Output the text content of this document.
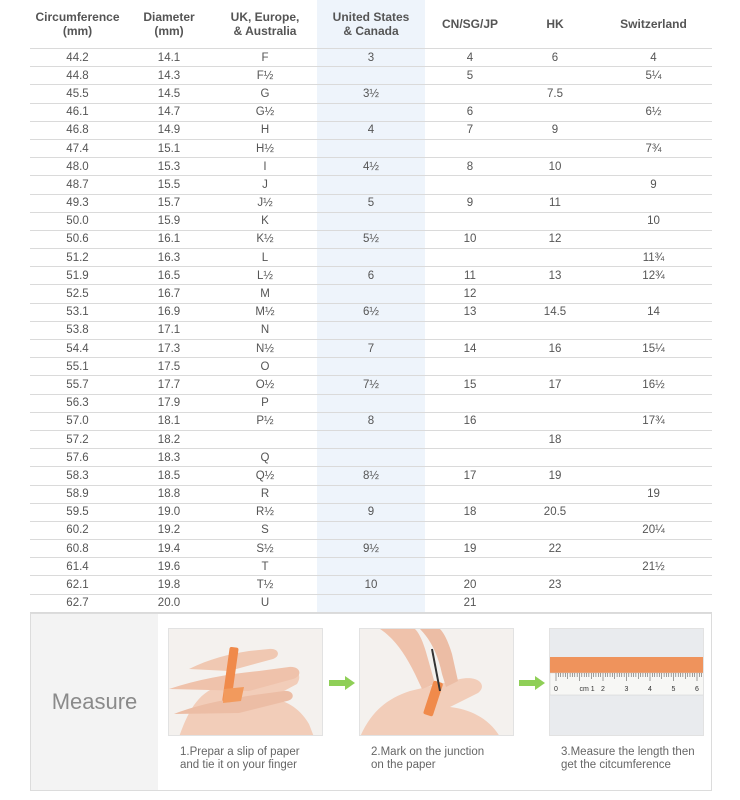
Circumference
(mm)	Diameter
(mm)	UK, Europe,
& Australia	United States
& Canada	CN/SG/JP	HK	Switzerland
44.2	14.1	F	3	4	6	4
44.8	14.3	F½		5		5¼
45.5	14.5	G	3½		7.5	
46.1	14.7	G½		6		6½
46.8	14.9	H	4	7	9	
47.4	15.1	H½				7¾
48.0	15.3	I	4½	8	10	
48.7	15.5	J				9
49.3	15.7	J½	5	9	11	
50.0	15.9	K				10
50.6	16.1	K½	5½	10	12	
51.2	16.3	L				11¾
51.9	16.5	L½	6	11	13	12¾
52.5	16.7	M		12		
53.1	16.9	M½	6½	13	14.5	14
53.8	17.1	N				
54.4	17.3	N½	7	14	16	15¼
55.1	17.5	O				
55.7	17.7	O½	7½	15	17	16½
56.3	17.9	P				
57.0	18.1	P½	8	16		17¾
57.2	18.2				18	
57.6	18.3	Q				
58.3	18.5	Q½	8½	17	19	
58.9	18.8	R				19
59.5	19.0	R½	9	18	20.5	
60.2	19.2	S				20¼
60.8	19.4	S½	9½	19	22	
61.4	19.6	T				21½
62.1	19.8	T½	10	20	23	
62.7	20.0	U		21		

Measure
1.Prepar a slip of paper
and tie it on your finger
2.Mark on the junction
on the paper
0	cm 1 2	3	4	5	6
3.Measure the length then
get the citcumference
